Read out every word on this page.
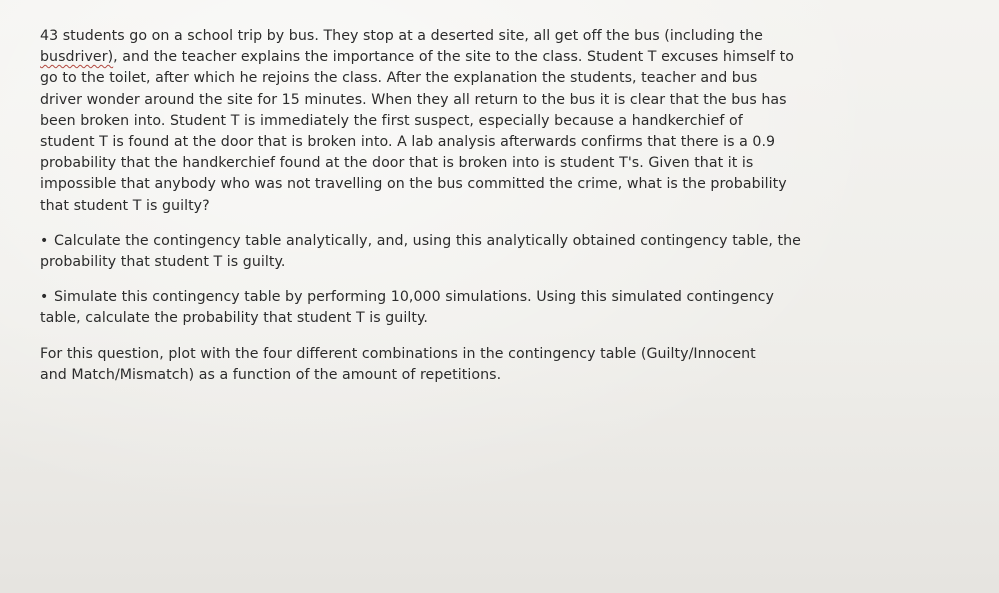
43 students go on a school trip by bus. They stop at a deserted site, all get off the bus (including the
busdriver), and the teacher explains the importance of the site to the class. Student T excuses himself to
go to the toilet, after which he rejoins the class. After the explanation the students, teacher and bus
driver wonder around the site for 15 minutes. When they all return to the bus it is clear that the bus has
been broken into. Student T is immediately the first suspect, especially because a handkerchief of
student T is found at the door that is broken into. A lab analysis afterwards confirms that there is a 0.9
probability that the handkerchief found at the door that is broken into is student T's. Given that it is
impossible that anybody who was not travelling on the bus committed the crime, what is the probability
that student T is guilty?

• Calculate the contingency table analytically, and, using this analytically obtained contingency table, the
probability that student T is guilty.
• Simulate this contingency table by performing 10,000 simulations. Using this simulated contingency
table, calculate the probability that student T is guilty.

For this question, plot with the four different combinations in the contingency table (Guilty/Innocent
and Match/Mismatch) as a function of the amount of repetitions.
